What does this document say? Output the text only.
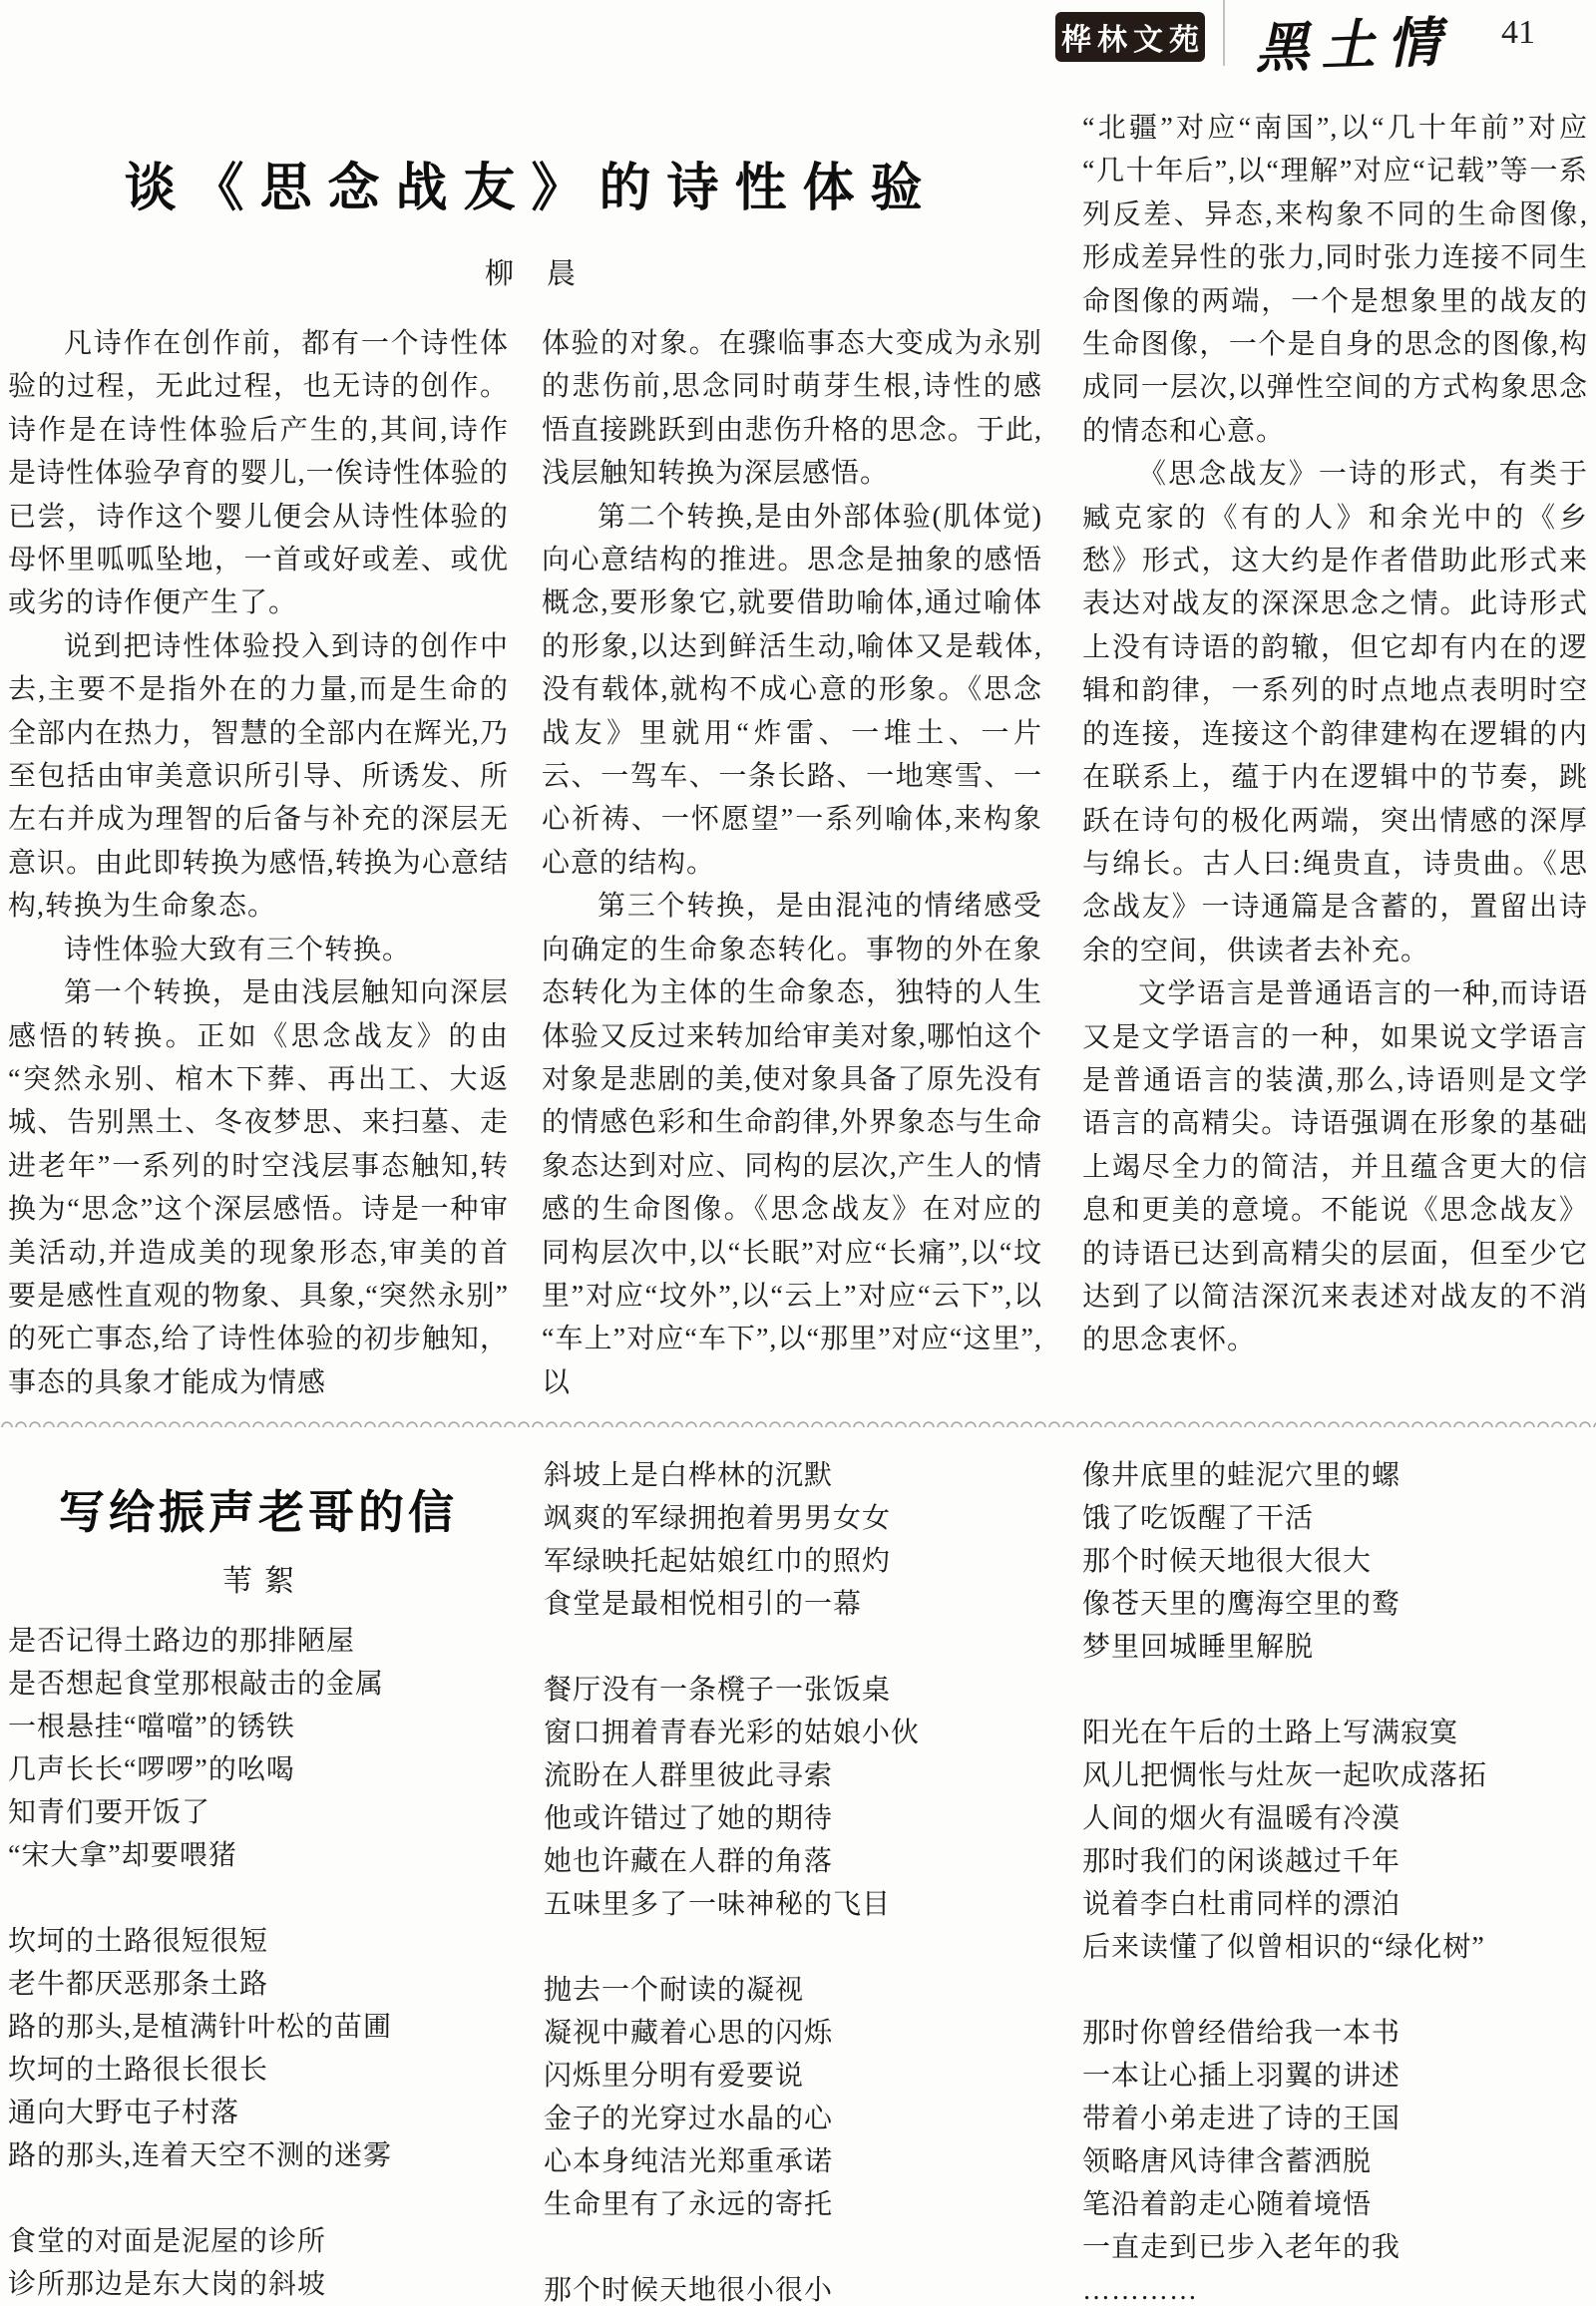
桦林文苑 黑土情	41
谈《思念战友》的诗性体验
柳　晨

凡诗作在创作前，都有一个诗性体验的过程，无此过程，也无诗的创作。诗作是在诗性体验后产生的,其间,诗作是诗性体验孕育的婴儿,一俟诗性体验的已尝，诗作这个婴儿便会从诗性体验的母怀里呱呱坠地，一首或好或差、或优或劣的诗作便产生了。

说到把诗性体验投入到诗的创作中去,主要不是指外在的力量,而是生命的全部内在热力，智慧的全部内在辉光,乃至包括由审美意识所引导、所诱发、所左右并成为理智的后备与补充的深层无意识。由此即转换为感悟,转换为心意结构,转换为生命象态。

诗性体验大致有三个转换。

第一个转换，是由浅层触知向深层感悟的转换。正如《思念战友》的由“突然永别、棺木下葬、再出工、大返城、告别黑土、冬夜梦思、来扫墓、走进老年”一系列的时空浅层事态触知,转换为“思念”这个深层感悟。诗是一种审美活动,并造成美的现象形态,审美的首要是感性直观的物象、具象,“突然永别”的死亡事态,给了诗性体验的初步触知，事态的具象才能成为情感

体验的对象。在骤临事态大变成为永别的悲伤前,思念同时萌芽生根,诗性的感悟直接跳跃到由悲伤升格的思念。于此,浅层触知转换为深层感悟。

第二个转换,是由外部体验(肌体觉)向心意结构的推进。思念是抽象的感悟概念,要形象它,就要借助喻体,通过喻体的形象,以达到鲜活生动,喻体又是载体,没有载体,就构不成心意的形象。《思念战友》里就用“炸雷、一堆土、一片云、一驾车、一条长路、一地寒雪、一心祈祷、一怀愿望”一系列喻体,来构象心意的结构。

第三个转换，是由混沌的情绪感受向确定的生命象态转化。事物的外在象态转化为主体的生命象态，独特的人生体验又反过来转加给审美对象,哪怕这个对象是悲剧的美,使对象具备了原先没有的情感色彩和生命韵律,外界象态与生命象态达到对应、同构的层次,产生人的情感的生命图像。《思念战友》在对应的同构层次中,以“长眠”对应“长痛”,以“坟里”对应“坟外”,以“云上”对应“云下”,以“车上”对应“车下”,以“那里”对应“这里”,以

“北疆”对应“南国”,以“几十年前”对应“几十年后”,以“理解”对应“记载”等一系列反差、异态,来构象不同的生命图像,形成差异性的张力,同时张力连接不同生命图像的两端，一个是想象里的战友的生命图像，一个是自身的思念的图像,构成同一层次,以弹性空间的方式构象思念的情态和心意。

《思念战友》一诗的形式，有类于臧克家的《有的人》和余光中的《乡愁》形式，这大约是作者借助此形式来表达对战友的深深思念之情。此诗形式上没有诗语的韵辙，但它却有内在的逻辑和韵律，一系列的时点地点表明时空的连接，连接这个韵律建构在逻辑的内在联系上，蕴于内在逻辑中的节奏，跳跃在诗句的极化两端，突出情感的深厚与绵长。古人曰:绳贵直，诗贵曲。《思念战友》一诗通篇是含蓄的，置留出诗余的空间，供读者去补充。

文学语言是普通语言的一种,而诗语又是文学语言的一种，如果说文学语言是普通语言的装潢,那么,诗语则是文学语言的高精尖。诗语强调在形象的基础上竭尽全力的简洁，并且蕴含更大的信息和更美的意境。不能说《思念战友》的诗语已达到高精尖的层面，但至少它达到了以简洁深沉来表述对战友的不消的思念衷怀。

写给振声老哥的信
苇絮
是否记得土路边的那排陋屋
是否想起食堂那根敲击的金属
一根悬挂“噹噹”的锈铁
几声长长“啰啰”的吆喝
知青们要开饭了
“宋大拿”却要喂猪
坎坷的土路很短很短
老牛都厌恶那条土路
路的那头,是植满针叶松的苗圃
坎坷的土路很长很长
通向大野屯子村落
路的那头,连着天空不测的迷雾
食堂的对面是泥屋的诊所
诊所那边是东大岗的斜坡
斜坡上是白桦林的沉默
飒爽的军绿拥抱着男男女女
军绿映托起姑娘红巾的照灼
食堂是最相悦相引的一幕
餐厅没有一条櫈子一张饭桌
窗口拥着青春光彩的姑娘小伙
流盼在人群里彼此寻索
他或许错过了她的期待
她也许藏在人群的角落
五味里多了一味神秘的飞目
抛去一个耐读的凝视
凝视中藏着心思的闪烁
闪烁里分明有爱要说
金子的光穿过水晶的心
心本身纯洁光郑重承诺
生命里有了永远的寄托
那个时候天地很小很小
像井底里的蛙泥穴里的螺
饿了吃饭醒了干活
那个时候天地很大很大
像苍天里的鹰海空里的鹜
梦里回城睡里解脱
阳光在午后的土路上写满寂寞
风儿把惆怅与灶灰一起吹成落拓
人间的烟火有温暖有冷漠
那时我们的闲谈越过千年
说着李白杜甫同样的漂泊
后来读懂了似曾相识的“绿化树”
那时你曾经借给我一本书
一本让心插上羽翼的讲述
带着小弟走进了诗的王国
领略唐风诗律含蓄洒脱
笔沿着韵走心随着境悟
一直走到已步入老年的我
…………
